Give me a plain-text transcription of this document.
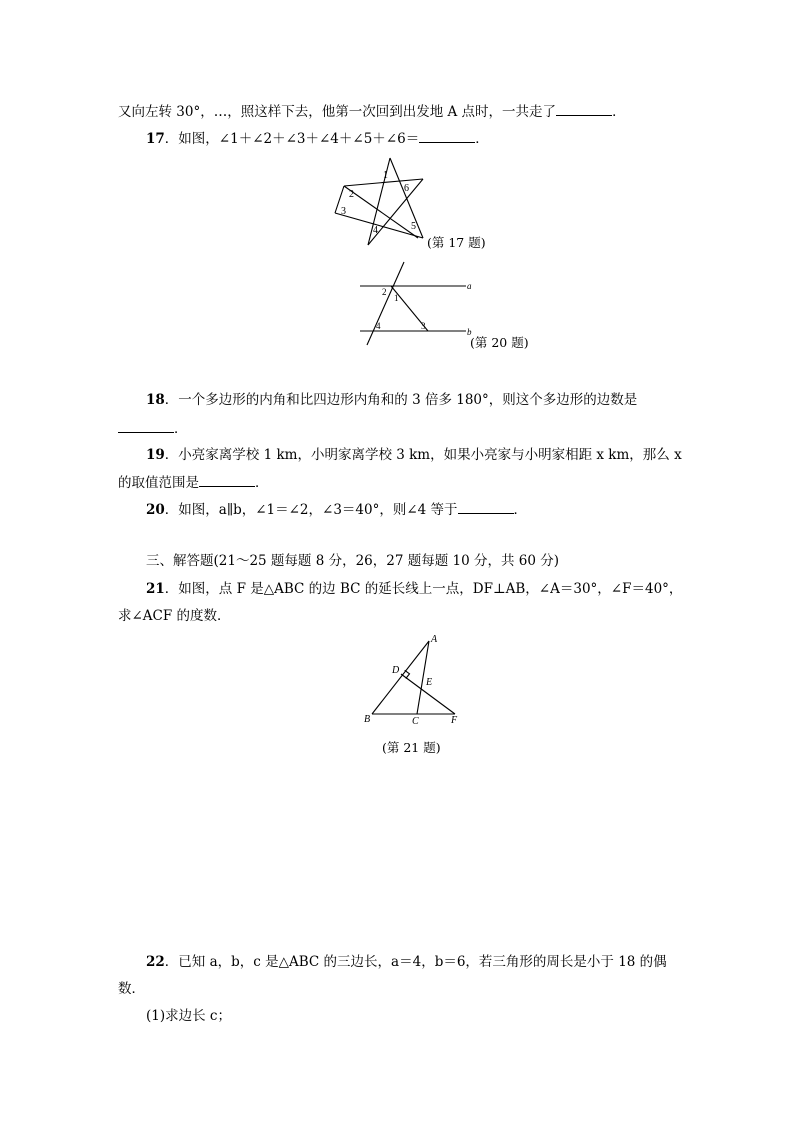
又向左转 30°，…，照这样下去，他第一次回到出发地 A 点时，一共走了	．
17．如图，∠1＋∠2＋∠3＋∠4＋∠5＋∠6＝	．
1
2
3
4	5
6
(第 17 题)
a
b
1
2
3
4
(第 20 题)
18．一个多边形的内角和比四边形内角和的 3 倍多 180°，则这个多边形的边数是
．
19．小亮家离学校 1 km，小明家离学校 3 km，如果小亮家与小明家相距 x km，那么 x
的取值范围是	．
20．如图，a∥b，∠1＝∠2，∠3＝40°，则∠4 等于	．
三、解答题(21～25 题每题 8 分，26，27 题每题 10 分，共 60 分)
21．如图，点 F 是△ABC 的边 BC 的延长线上一点，DF⊥AB，∠A＝30°，∠F＝40°，
求∠ACF 的度数．
A
B	C
D
E
F
(第 21 题)
22．已知 a，b，c 是△ABC 的三边长，a＝4，b＝6，若三角形的周长是小于 18 的偶
数．
(1)求边长 c；
